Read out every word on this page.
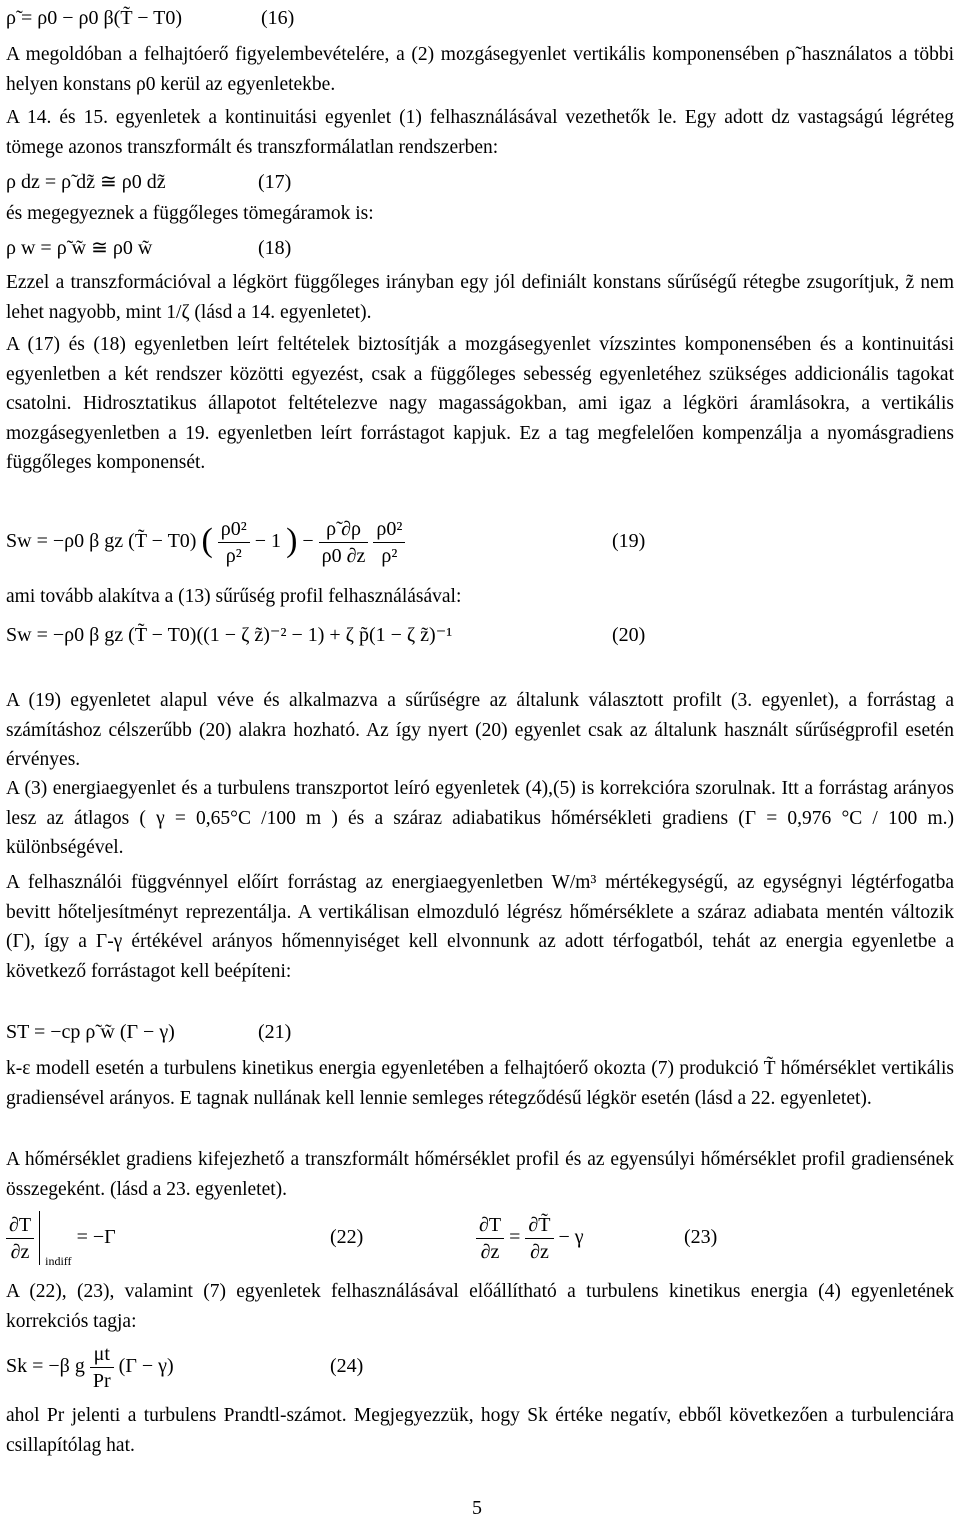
ρ̃ = ρ0 − ρ0 β(T̃ − T0)	(16)
A megoldóban a felhajtóerő figyelembevételére, a (2) mozgásegyenlet vertikális komponensében ρ̃ használatos a többi helyen konstans ρ0 kerül az egyenletekbe.
A 14. és 15. egyenletek a kontinuitási egyenlet (1) felhasználásával vezethetők le. Egy adott dz vastagságú légréteg tömege azonos transzformált és transzformálatlan rendszerben:
ρ dz = ρ̃ dz̃ ≅ ρ0 dz̃	(17)
és megegyeznek a függőleges tömegáramok is:
ρ w = ρ̃ w̃ ≅ ρ0 w̃	(18)
Ezzel a transzformációval a légkört függőleges irányban egy jól definiált konstans sűrűségű rétegbe zsugorítjuk, z̃ nem lehet nagyobb, mint 1/ζ (lásd a 14. egyenletet).
A (17) és (18) egyenletben leírt feltételek biztosítják a mozgásegyenlet vízszintes komponensében és a kontinuitási egyenletben a két rendszer közötti egyezést, csak a függőleges sebesség egyenletéhez szükséges addicionális tagokat csatolni. Hidrosztatikus állapotot feltételezve nagy magasságokban, ami igaz a légköri áramlásokra, a vertikális mozgásegyenletben a 19. egyenletben leírt forrástagot kapjuk. Ez a tag megfelelően kompenzálja a nyomásgradiens függőleges komponensét.
Sw = −ρ0 β gz (T̃ − T0) ( $\frac{\text{ρ0²}}{\text{ρ²}} - 1$ ) − $\frac{\rhõ \partial\rho}{\rho 0 \partial z}$
$\frac{\text{ρ0²}}{\text{ρ²}}$	(19)
ami tovább alakítva a (13) sűrűség profil felhasználásával:
Sw = −ρ0 β gz (T̃ − T0)((1 − ζ z̃)⁻² − 1) + ζ p̃(1 − ζ z̃)⁻¹	(20)
A (19) egyenletet alapul véve és alkalmazva a sűrűségre az általunk választott profilt (3. egyenlet), a forrástag a számításhoz célszerűbb (20) alakra hozható. Az így nyert (20) egyenlet csak az általunk használt sűrűségprofil esetén érvényes.
A (3) energiaegyenlet és a turbulens transzportot leíró egyenletek (4),(5) is korrekcióra szorulnak. Itt a forrástag arányos lesz az átlagos ( γ = 0,65°C /100 m ) és a száraz adiabatikus hőmérsékleti gradiens (Γ = 0,976 °C / 100 m.) különbségével.
A felhasználói függvénnyel előírt forrástag az energiaegyenletben W/m³ mértékegységű, az egységnyi légtérfogatba bevitt hőteljesítményt reprezentálja. A vertikálisan elmozduló légrész hőmérséklete a száraz adiabata mentén változik (Γ), így a Γ-γ értékével arányos hőmennyiséget kell elvonnunk az adott térfogatból, tehát az energia egyenletbe a következő forrástagot kell beépíteni:
ST = −cp ρ̃ w̃ (Γ − γ)	(21)
k-ε modell esetén a turbulens kinetikus energia egyenletében a felhajtóerő okozta (7) produkció T̃ hőmérséklet vertikális gradiensével arányos. E tagnak nullának kell lennie semleges rétegződésű légkör esetén (lásd a 22. egyenletet).
A hőmérséklet gradiens kifejezhető a transzformált hőmérséklet profil és az egyensúlyi hőmérséklet profil gradiensének összegeként. (lásd a 23. egyenletet).
$\frac{\partial T}{\partial z} _{indiff} = -\Gamma$	(22)	$\frac{\partial T}{\partial z} = \frac{\partial T̃}{\partial z} - \gamma$	(23)
A (22), (23), valamint (7) egyenletek felhasználásával előállítható a turbulens kinetikus energia (4) egyenletének korrekciós tagja:
Sk = −β g $\frac{\mu t}{Pr} (\Gamma - \gamma)$	(24)
ahol Pr jelenti a turbulens Prandtl-számot. Megjegyezzük, hogy Sk értéke negatív, ebből következően a turbulenciára csillapítólag hat.
5
